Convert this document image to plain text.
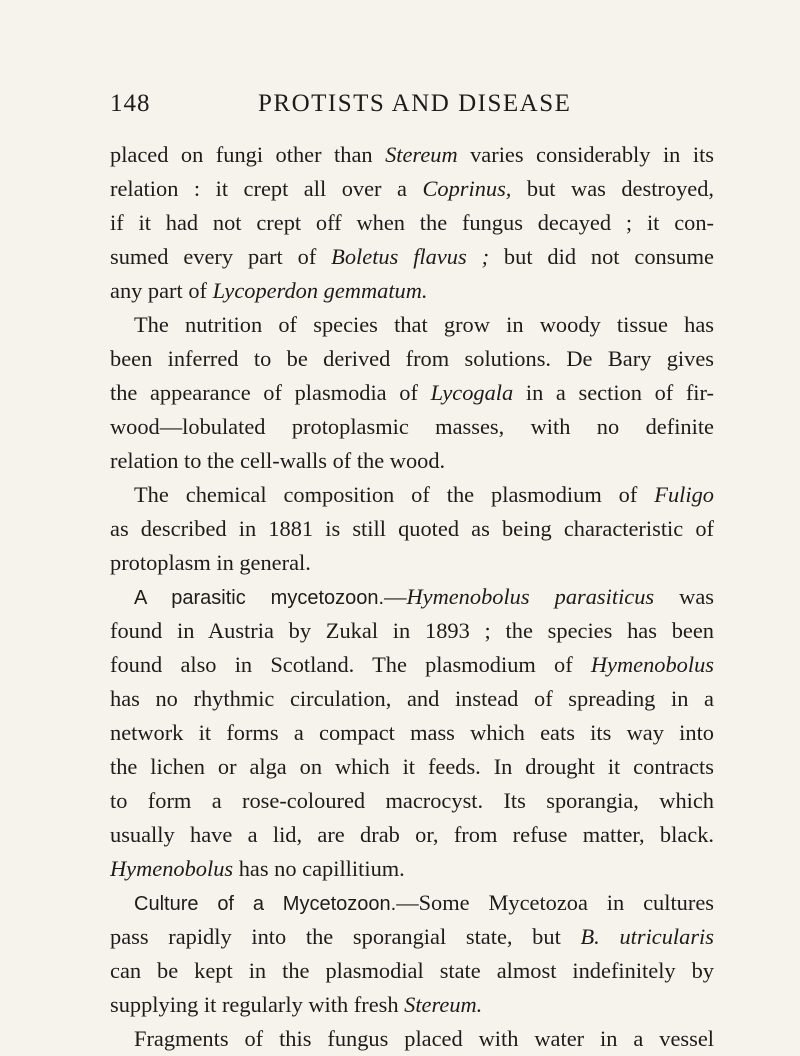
148	PROTISTS AND DISEASE
placed on fungi other than Stereum varies considerably in its
relation : it crept all over a Coprinus, but was destroyed,
if it had not crept off when the fungus decayed ; it con-
sumed every part of Boletus flavus ; but did not consume
any part of Lycoperdon gemmatum.
The nutrition of species that grow in woody tissue has
been inferred to be derived from solutions. De Bary gives
the appearance of plasmodia of Lycogala in a section of fir-
wood—lobulated protoplasmic masses, with no definite
relation to the cell-walls of the wood.
The chemical composition of the plasmodium of Fuligo
as described in 1881 is still quoted as being characteristic of
protoplasm in general.
A parasitic mycetozoon.—Hymenobolus parasiticus was
found in Austria by Zukal in 1893 ; the species has been
found also in Scotland. The plasmodium of Hymenobolus
has no rhythmic circulation, and instead of spreading in a
network it forms a compact mass which eats its way into
the lichen or alga on which it feeds. In drought it contracts
to form a rose-coloured macrocyst. Its sporangia, which
usually have a lid, are drab or, from refuse matter, black.
Hymenobolus has no capillitium.
Culture of a Mycetozoon.—Some Mycetozoa in cultures
pass rapidly into the sporangial state, but B. utricularis
can be kept in the plasmodial state almost indefinitely by
supplying it regularly with fresh Stereum.
Fragments of this fungus placed with water in a vessel
